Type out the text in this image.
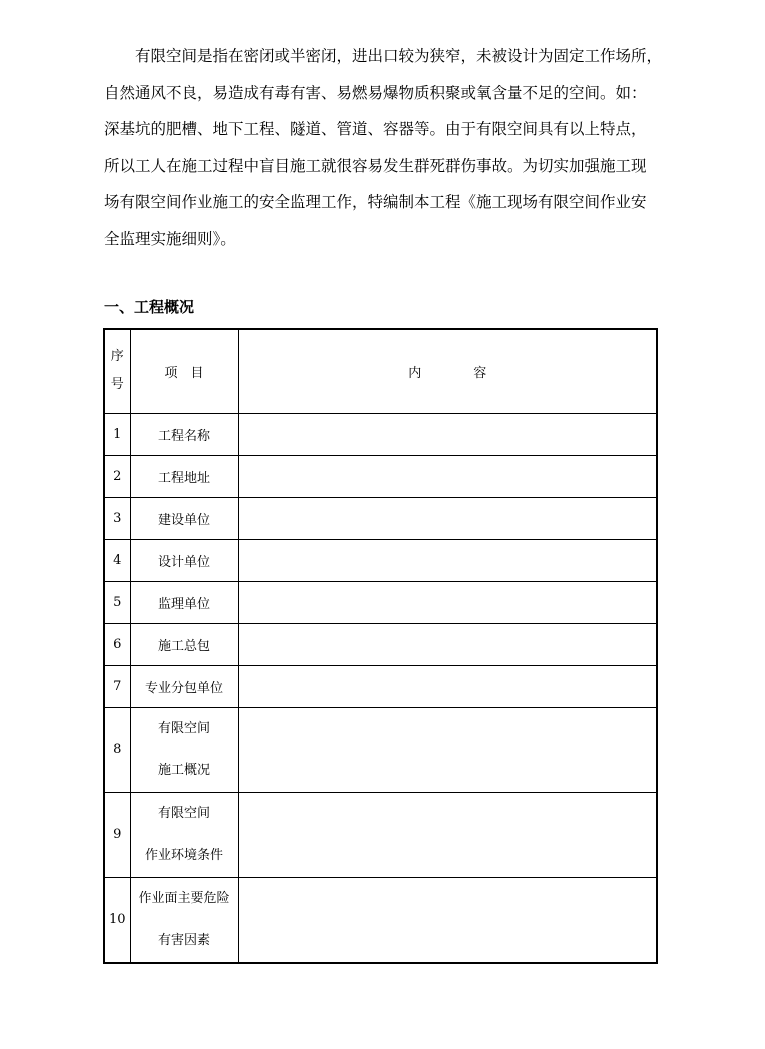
有限空间是指在密闭或半密闭，进出口较为狭窄，未被设计为固定工作场所，
自然通风不良，易造成有毒有害、易燃易爆物质积聚或氧含量不足的空间。如：
深基坑的肥槽、地下工程、隧道、管道、容器等。由于有限空间具有以上特点，
所以工人在施工过程中盲目施工就很容易发生群死群伤事故。为切实加强施工现
场有限空间作业施工的安全监理工作，特编制本工程《施工现场有限空间作业安
全监理实施细则》。

一、工程概况
序
号	项　目	内　　　　容
1	工程名称	
2	工程地址	
3	建设单位	
4	设计单位	
5	监理单位	
6	施工总包	
7	专业分包单位	
8	有限空间
施工概况	

9	有限空间
作业环境条件	

10	作业面主要危险
有害因素	
